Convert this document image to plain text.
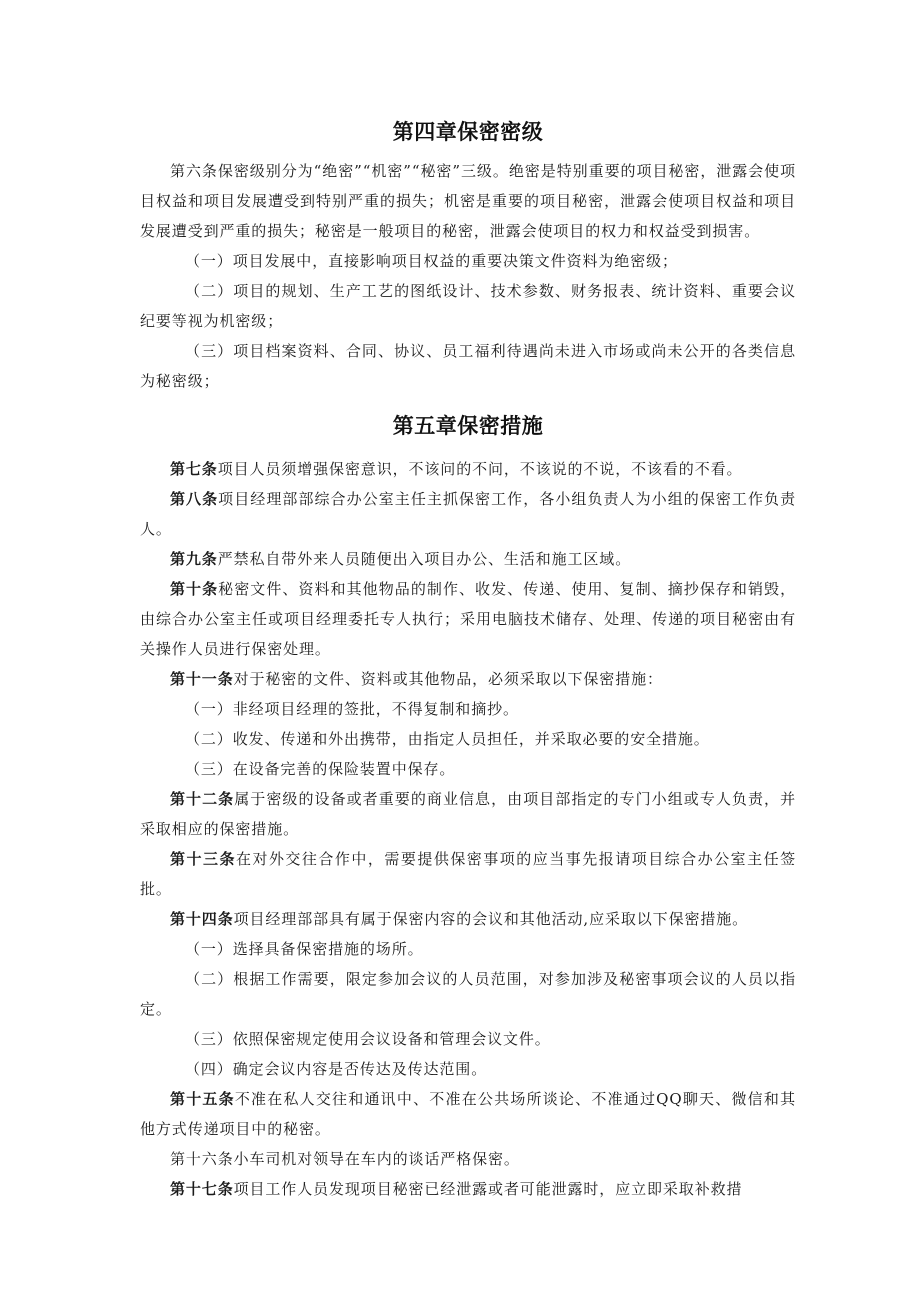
第四章保密密级

第六条保密级别分为“绝密”“机密”“秘密”三级。绝密是特别重要的项目秘密，泄露会使项目权益和项目发展遭受到特别严重的损失；机密是重要的项目秘密，泄露会使项目权益和项目发展遭受到严重的损失；秘密是一般项目的秘密，泄露会使项目的权力和权益受到损害。

（一）项目发展中，直接影响项目权益的重要决策文件资料为绝密级；

（二）项目的规划、生产工艺的图纸设计、技术参数、财务报表、统计资料、重要会议纪要等视为机密级；

（三）项目档案资料、合同、协议、员工福利待遇尚未进入市场或尚未公开的各类信息为秘密级；

第五章保密措施

第七条项目人员须增强保密意识，不该问的不问，不该说的不说，不该看的不看。

第八条项目经理部部综合办公室主任主抓保密工作，各小组负责人为小组的保密工作负责人。

第九条严禁私自带外来人员随便出入项目办公、生活和施工区域。

第十条秘密文件、资料和其他物品的制作、收发、传递、使用、复制、摘抄保存和销毁，由综合办公室主任或项目经理委托专人执行；采用电脑技术储存、处理、传递的项目秘密由有关操作人员进行保密处理。

第十一条对于秘密的文件、资料或其他物品，必须采取以下保密措施：

（一）非经项目经理的签批，不得复制和摘抄。

（二）收发、传递和外出携带，由指定人员担任，并采取必要的安全措施。

（三）在设备完善的保险装置中保存。

第十二条属于密级的设备或者重要的商业信息，由项目部指定的专门小组或专人负责，并采取相应的保密措施。

第十三条在对外交往合作中，需要提供保密事项的应当事先报请项目综合办公室主任签批。

第十四条项目经理部部具有属于保密内容的会议和其他活动,应采取以下保密措施。

（一）选择具备保密措施的场所。

（二）根据工作需要，限定参加会议的人员范围，对参加涉及秘密事项会议的人员以指定。

（三）依照保密规定使用会议设备和管理会议文件。

（四）确定会议内容是否传达及传达范围。

第十五条不准在私人交往和通讯中、不准在公共场所谈论、不准通过QQ聊天、微信和其他方式传递项目中的秘密。

第十六条小车司机对领导在车内的谈话严格保密。

第十七条项目工作人员发现项目秘密已经泄露或者可能泄露时，应立即采取补救措
